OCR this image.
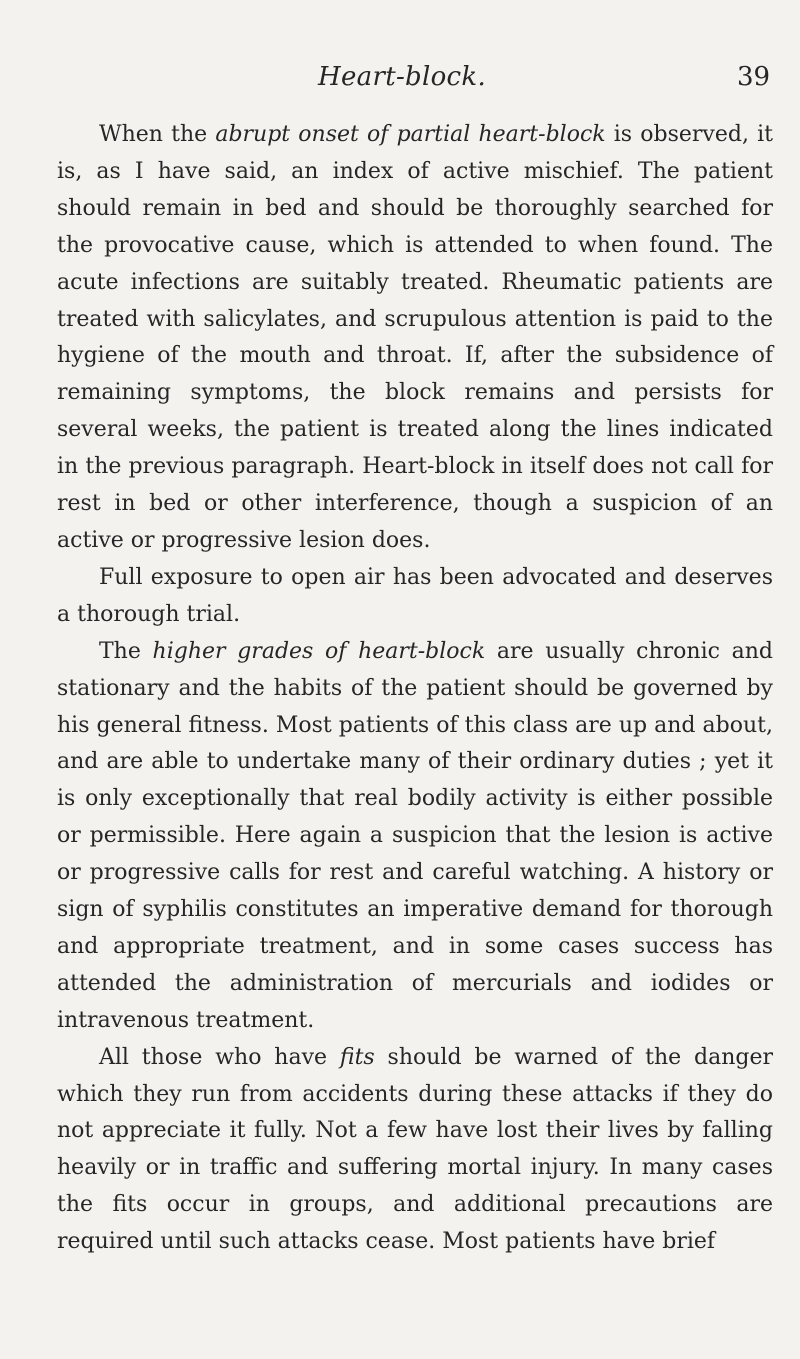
Heart-block.	39

When the abrupt onset of partial heart-block is observed, it is, as I have said, an index of active mischief. The patient should remain in bed and should be thoroughly searched for the provocative cause, which is attended to when found. The acute infections are suitably treated. Rheumatic patients are treated with salicylates, and scrupulous attention is paid to the hygiene of the mouth and throat. If, after the subsidence of remaining symptoms, the block remains and persists for several weeks, the patient is treated along the lines indicated in the previous paragraph. Heart-block in itself does not call for rest in bed or other interference, though a suspicion of an active or progressive lesion does.

Full exposure to open air has been advocated and deserves a thorough trial.

The higher grades of heart-block are usually chronic and stationary and the habits of the patient should be governed by his general fitness. Most patients of this class are up and about, and are able to undertake many of their ordinary duties ; yet it is only exceptionally that real bodily activity is either possible or permissible. Here again a suspicion that the lesion is active or progressive calls for rest and careful watching. A history or sign of syphilis constitutes an imperative demand for thorough and appropriate treatment, and in some cases success has attended the administration of mercurials and iodides or intravenous treatment.

All those who have fits should be warned of the danger which they run from accidents during these attacks if they do not appreciate it fully. Not a few have lost their lives by falling heavily or in traffic and suffering mortal injury. In many cases the fits occur in groups, and additional precautions are required until such attacks cease. Most patients have brief
